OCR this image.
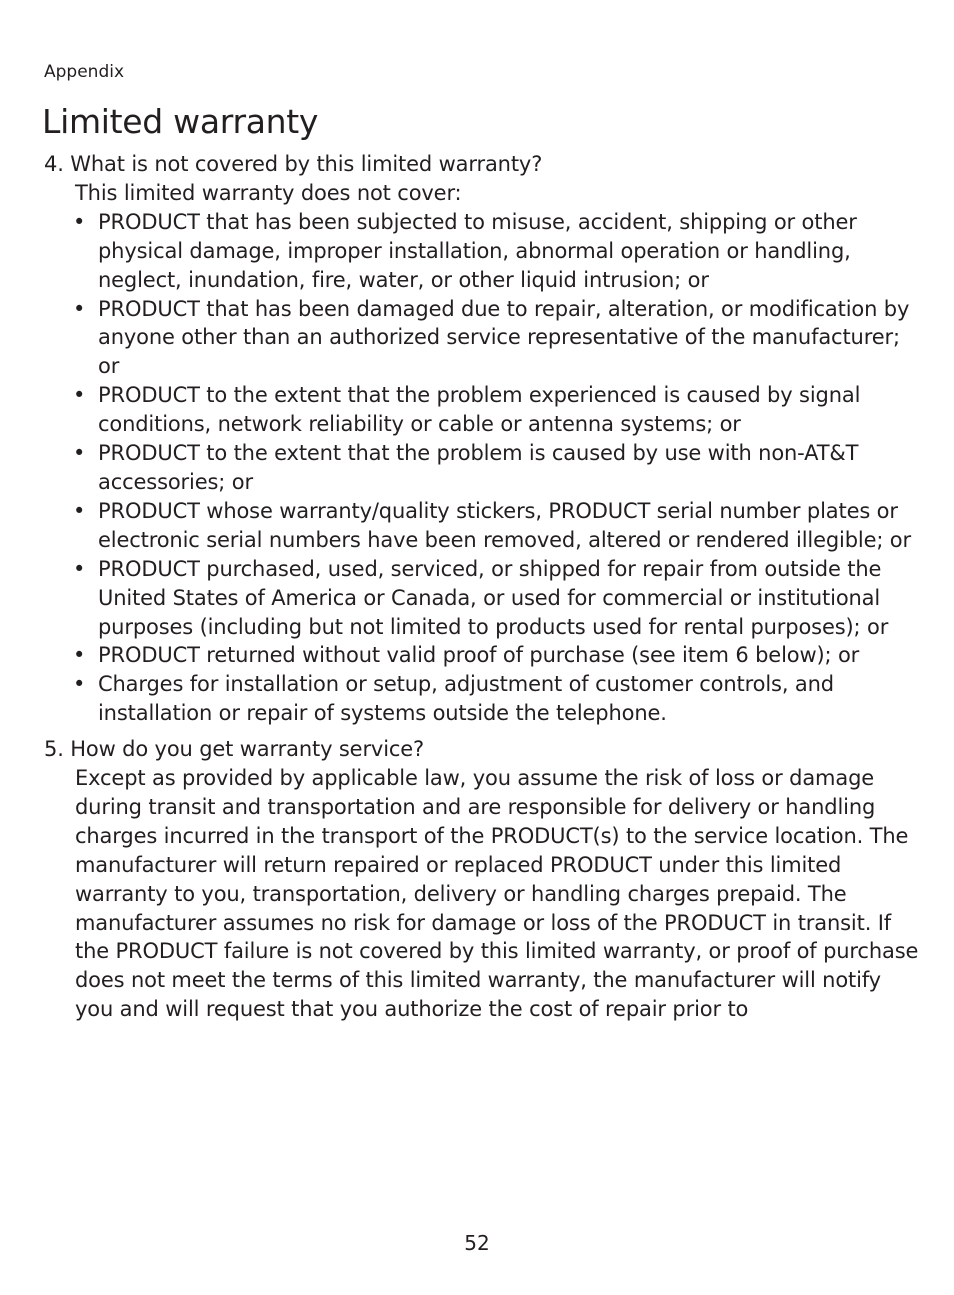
Appendix
Limited warranty

4. What is not covered by this limited warranty?

This limited warranty does not cover:

• PRODUCT that has been subjected to misuse, accident, shipping or other physical damage, improper installation, abnormal operation or handling, neglect, inundation, fire, water, or other liquid intrusion; or
• PRODUCT that has been damaged due to repair, alteration, or modification by anyone other than an authorized service representative of the manufacturer; or
• PRODUCT to the extent that the problem experienced is caused by signal conditions, network reliability or cable or antenna systems; or
• PRODUCT to the extent that the problem is caused by use with non-AT&T accessories; or
• PRODUCT whose warranty/quality stickers, PRODUCT serial number plates or electronic serial numbers have been removed, altered or rendered illegible; or
• PRODUCT purchased, used, serviced, or shipped for repair from outside the United States of America or Canada, or used for commercial or institutional purposes (including but not limited to products used for rental purposes); or
• PRODUCT returned without valid proof of purchase (see item 6 below); or
• Charges for installation or setup, adjustment of customer controls, and installation or repair of systems outside the telephone.

5. How do you get warranty service?

Except as provided by applicable law, you assume the risk of loss or damage during transit and transportation and are responsible for delivery or handling charges incurred in the transport of the PRODUCT(s) to the service location. The manufacturer will return repaired or replaced PRODUCT under this limited warranty to you, transportation, delivery or handling charges prepaid. The manufacturer assumes no risk for damage or loss of the PRODUCT in transit. If the PRODUCT failure is not covered by this limited warranty, or proof of purchase does not meet the terms of this limited warranty, the manufacturer will notify you and will request that you authorize the cost of repair prior to

52
